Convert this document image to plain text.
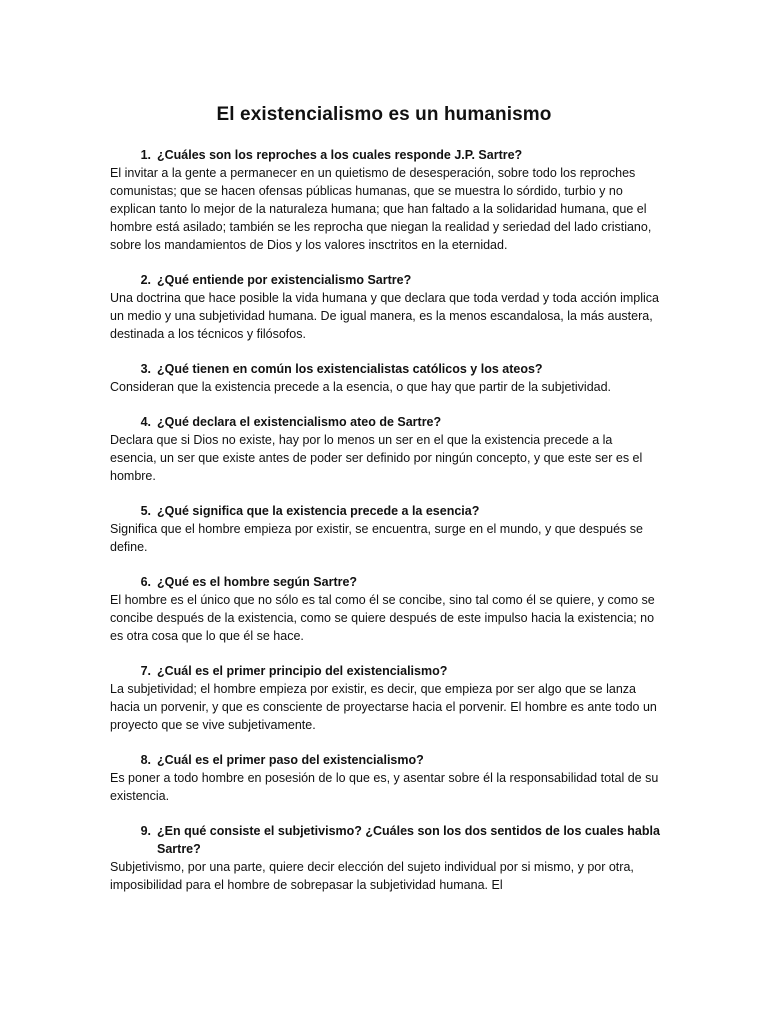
El existencialismo es un humanismo
1. ¿Cuáles son los reproches a los cuales responde J.P. Sartre?

El invitar a la gente a permanecer en un quietismo de desesperación, sobre todo los reproches comunistas; que se hacen ofensas públicas humanas, que se muestra lo sórdido, turbio y no explican tanto lo mejor de la naturaleza humana; que han faltado a la solidaridad humana, que el hombre está asilado; también se les reprocha que niegan la realidad y seriedad del lado cristiano, sobre los mandamientos de Dios y los valores insctritos en la eternidad.

2. ¿Qué entiende por existencialismo Sartre?

Una doctrina que hace posible la vida humana y que declara que toda verdad y toda acción implica un medio y una subjetividad humana. De igual manera, es la menos escandalosa, la más austera, destinada a los técnicos y filósofos.

3. ¿Qué tienen en común los existencialistas católicos y los ateos?

Consideran que la existencia precede a la esencia, o que hay que partir de la subjetividad.

4. ¿Qué declara el existencialismo ateo de Sartre?

Declara que si Dios no existe, hay por lo menos un ser en el que la existencia precede a la esencia, un ser que existe antes de poder ser definido por ningún concepto, y que este ser es el hombre.

5. ¿Qué significa que la existencia precede a la esencia?

Significa que el hombre empieza por existir, se encuentra, surge en el mundo, y que después se define.

6. ¿Qué es el hombre según Sartre?

El hombre es el único que no sólo es tal como él se concibe, sino tal como él se quiere, y como se concibe después de la existencia, como se quiere después de este impulso hacia la existencia; no es otra cosa que lo que él se hace.

7. ¿Cuál es el primer principio del existencialismo?

La subjetividad; el hombre empieza por existir, es decir, que empieza por ser algo que se lanza hacia un porvenir, y que es consciente de proyectarse hacia el porvenir. El hombre es ante todo un proyecto que se vive subjetivamente.

8. ¿Cuál es el primer paso del existencialismo?

Es poner a todo hombre en posesión de lo que es, y asentar sobre él la responsabilidad total de su existencia.

9. ¿En qué consiste el subjetivismo? ¿Cuáles son los dos sentidos de los cuales habla Sartre?

Subjetivismo, por una parte, quiere decir elección del sujeto individual por si mismo, y por otra, imposibilidad para el hombre de sobrepasar la subjetividad humana. El
